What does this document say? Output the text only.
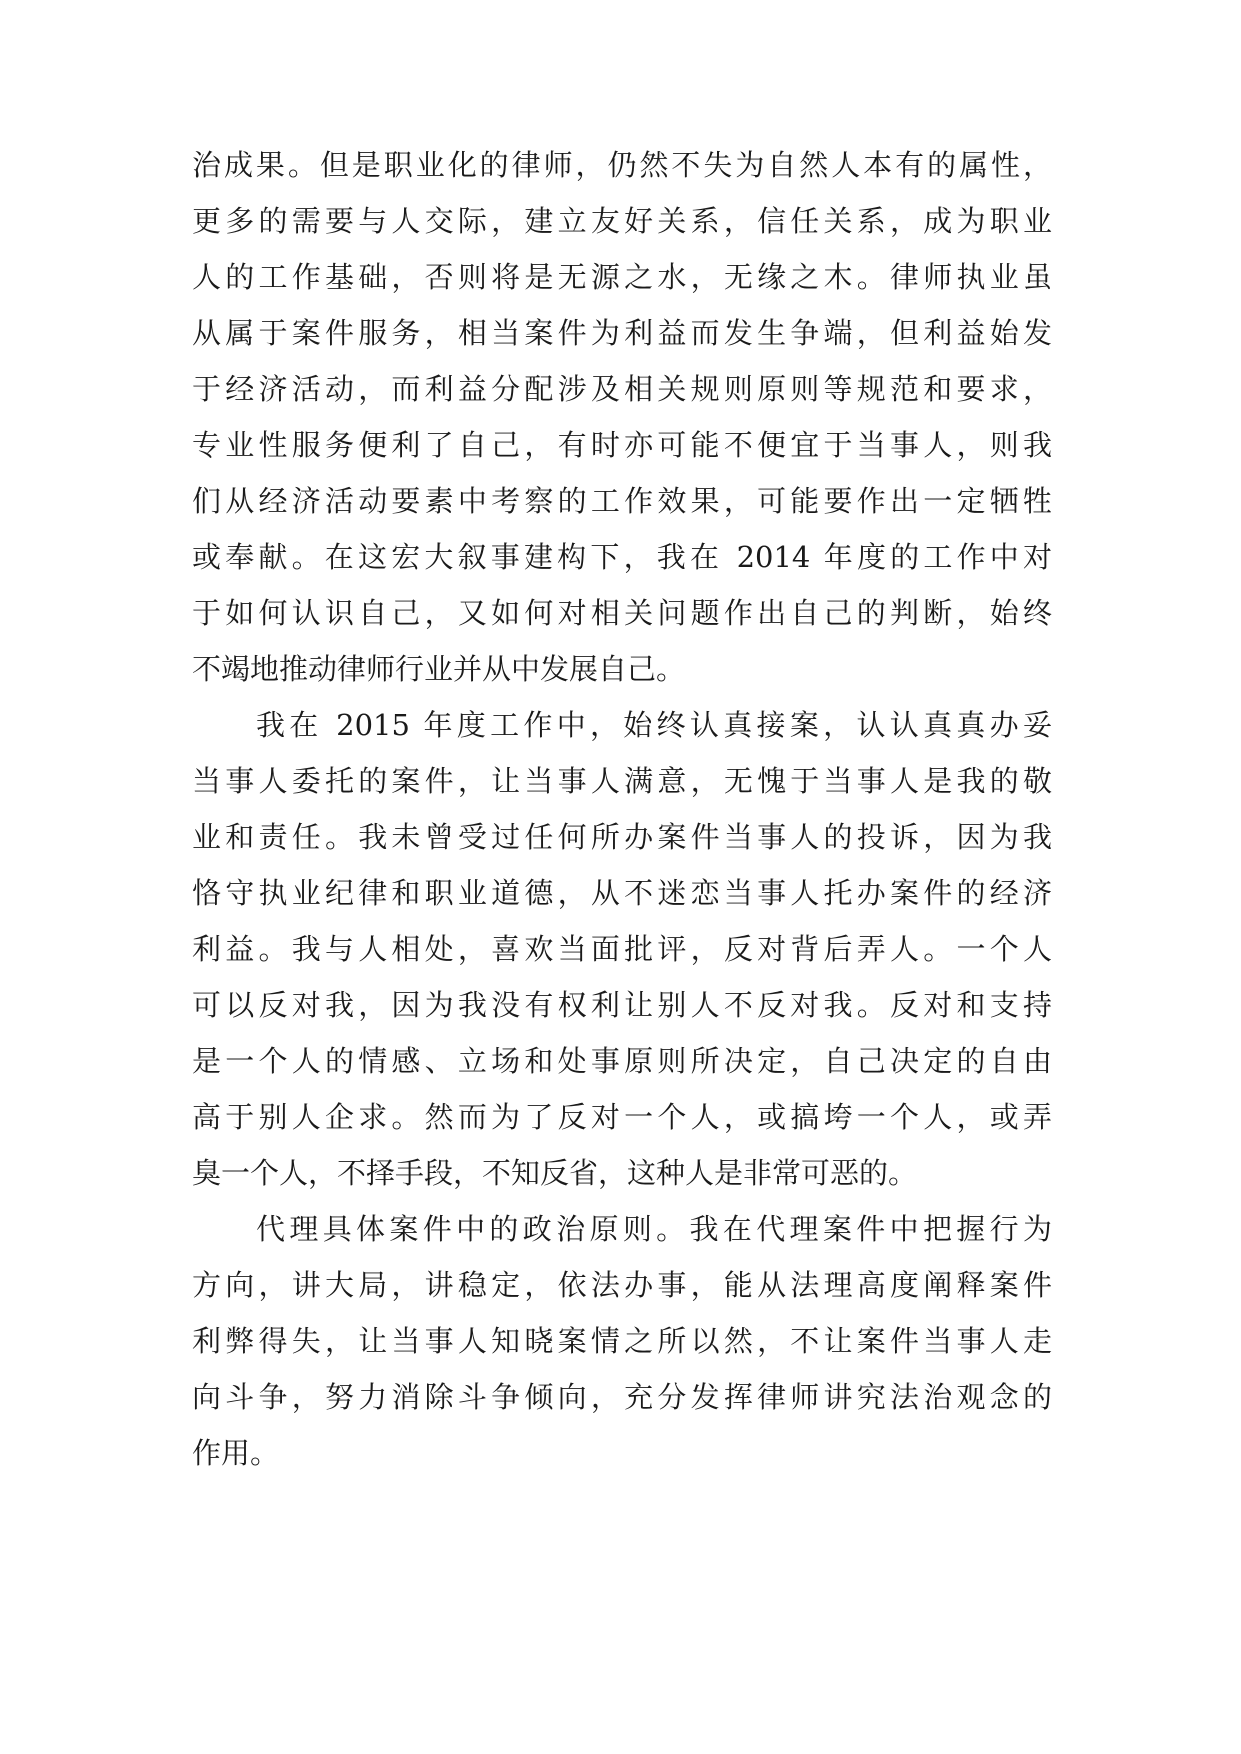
治成果。但是职业化的律师，仍然不失为自然人本有的属性，
更多的需要与人交际，建立友好关系，信任关系，成为职业
人的工作基础，否则将是无源之水，无缘之木。律师执业虽
从属于案件服务，相当案件为利益而发生争端，但利益始发
于经济活动，而利益分配涉及相关规则原则等规范和要求，
专业性服务便利了自己，有时亦可能不便宜于当事人，则我
们从经济活动要素中考察的工作效果，可能要作出一定牺牲
或奉献。在这宏大叙事建构下，我在 2014 年度的工作中对
于如何认识自己，又如何对相关问题作出自己的判断，始终
不竭地推动律师行业并从中发展自己。
我在 2015 年度工作中，始终认真接案，认认真真办妥
当事人委托的案件，让当事人满意，无愧于当事人是我的敬
业和责任。我未曾受过任何所办案件当事人的投诉，因为我
恪守执业纪律和职业道德，从不迷恋当事人托办案件的经济
利益。我与人相处，喜欢当面批评，反对背后弄人。一个人
可以反对我，因为我没有权利让别人不反对我。反对和支持
是一个人的情感、立场和处事原则所决定，自己决定的自由
高于别人企求。然而为了反对一个人，或搞垮一个人，或弄
臭一个人，不择手段，不知反省，这种人是非常可恶的。
代理具体案件中的政治原则。我在代理案件中把握行为
方向，讲大局，讲稳定，依法办事，能从法理高度阐释案件
利弊得失，让当事人知晓案情之所以然，不让案件当事人走
向斗争，努力消除斗争倾向，充分发挥律师讲究法治观念的
作用。
